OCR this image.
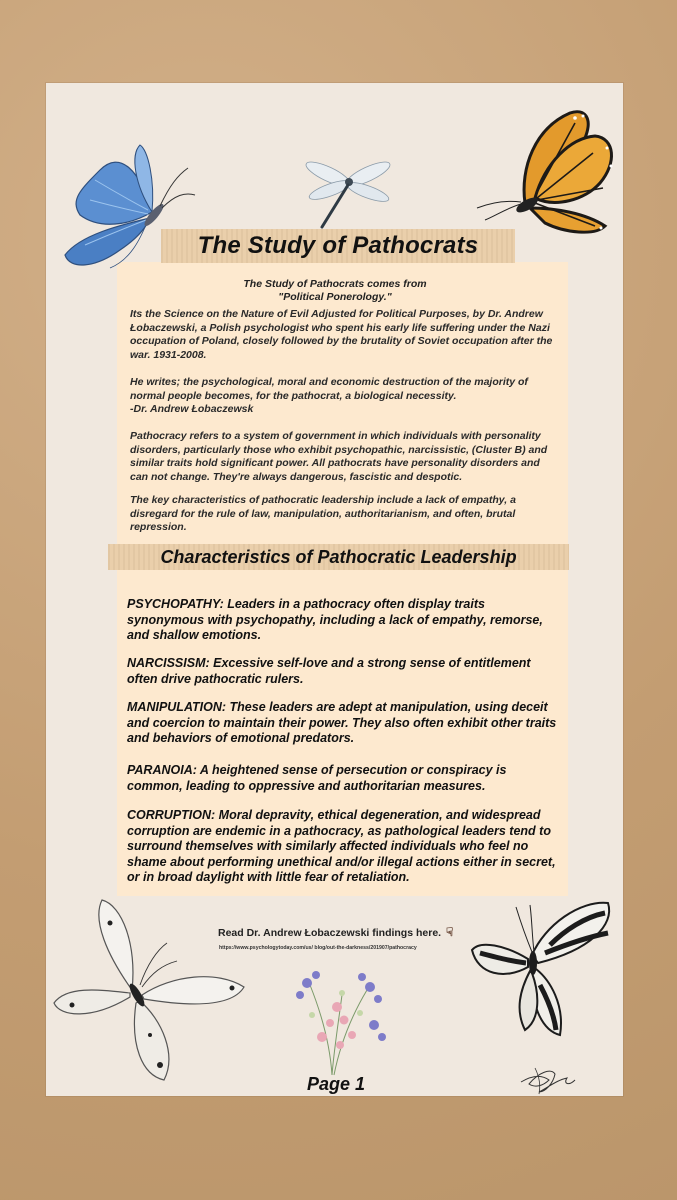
The Study of Pathocrats
The Study of Pathocrats comes from
"Political Ponerology."

Its the Science on the Nature of Evil Adjusted for Political Purposes, by Dr. Andrew Łobaczewski, a Polish psychologist who spent his early life suffering under the Nazi occupation of Poland, closely followed by the brutality of Soviet occupation after the war. 1931-2008.

He writes; the psychological, moral and economic destruction of the majority of normal people becomes, for the pathocrat, a biological necessity.

-Dr. Andrew Łobaczewsk

Pathocracy refers to a system of government in which individuals with personality disorders, particularly those who exhibit psychopathic, narcissistic, (Cluster B) and similar traits hold significant power. All pathocrats have personality disorders and can not change. They're always dangerous, fascistic and despotic.

The key characteristics of pathocratic leadership include a lack of empathy, a disregard for the rule of law, manipulation, authoritarianism, and often, brutal repression.

Characteristics of Pathocratic Leadership

PSYCHOPATHY: Leaders in a pathocracy often display traits synonymous with psychopathy, including a lack of empathy, remorse, and shallow emotions.

NARCISSISM: Excessive self-love and a strong sense of entitlement often drive pathocratic rulers.

MANIPULATION: These leaders are adept at manipulation, using deceit and coercion to maintain their power. They also often exhibit other traits and behaviors of emotional predators.

PARANOIA: A heightened sense of persecution or conspiracy is common, leading to oppressive and authoritarian measures.

CORRUPTION: Moral depravity, ethical degeneration, and widespread corruption are endemic in a pathocracy, as pathological leaders tend to surround themselves with similarly affected individuals who feel no shame about performing unethical and/or illegal actions either in secret, or in broad daylight with little fear of retaliation.

Read Dr. Andrew Łobaczewski findings here. ☟
https://www.psychologytoday.com/us/ blog/out-the-darkness/201907/pathocracy
Page 1
